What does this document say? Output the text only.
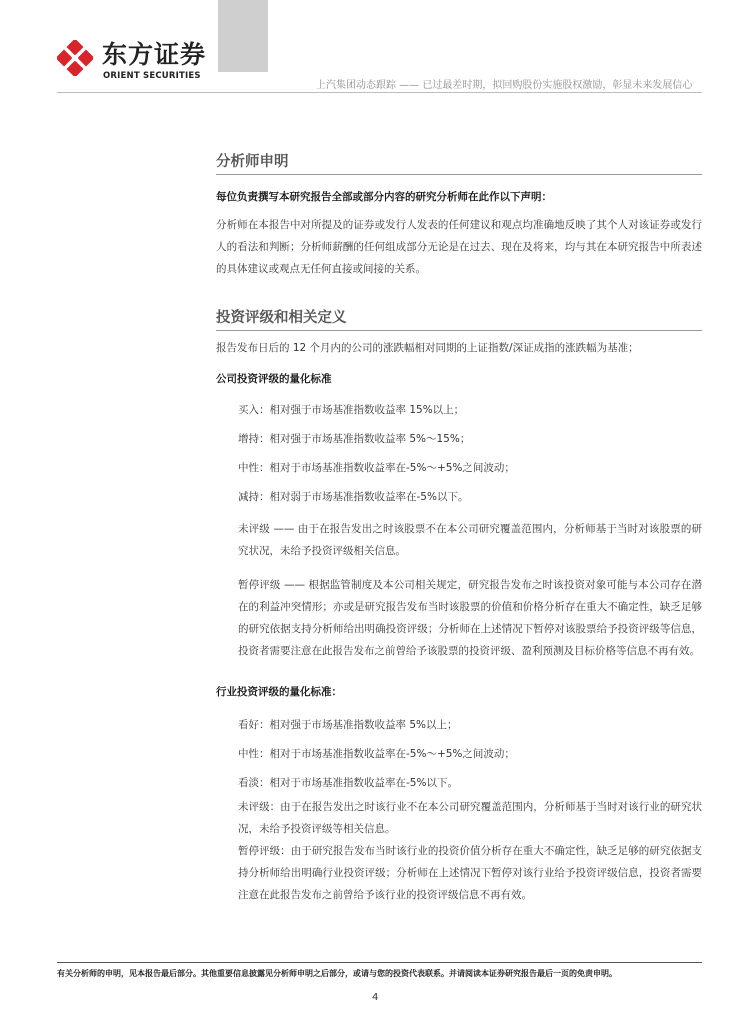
东方证券
ORIENT SECURITIES
上汽集团动态跟踪 —— 已过最差时期，拟回购股份实施股权激励，彰显未来发展信心
分析师申明

每位负责撰写本研究报告全部或部分内容的研究分析师在此作以下声明：

分析师在本报告中对所提及的证券或发行人发表的任何建议和观点均准确地反映了其个人对该证券或发行人的看法和判断；分析师薪酬的任何组成部分无论是在过去、现在及将来，均与其在本研究报告中所表述的具体建议或观点无任何直接或间接的关系。

投资评级和相关定义

报告发布日后的 12 个月内的公司的涨跌幅相对同期的上证指数/深证成指的涨跌幅为基准；

公司投资评级的量化标准

买入：相对强于市场基准指数收益率 15%以上；

增持：相对强于市场基准指数收益率 5%～15%；

中性：相对于市场基准指数收益率在-5%～+5%之间波动；

减持：相对弱于市场基准指数收益率在-5%以下。

未评级 —— 由于在报告发出之时该股票不在本公司研究覆盖范围内，分析师基于当时对该股票的研究状况，未给予投资评级相关信息。

暂停评级 —— 根据监管制度及本公司相关规定，研究报告发布之时该投资对象可能与本公司存在潜在的利益冲突情形；亦或是研究报告发布当时该股票的价值和价格分析存在重大不确定性，缺乏足够的研究依据支持分析师给出明确投资评级；分析师在上述情况下暂停对该股票给予投资评级等信息，投资者需要注意在此报告发布之前曾给予该股票的投资评级、盈利预测及目标价格等信息不再有效。

行业投资评级的量化标准：

看好：相对强于市场基准指数收益率 5%以上；

中性：相对于市场基准指数收益率在-5%～+5%之间波动；

看淡：相对于市场基准指数收益率在-5%以下。

未评级：由于在报告发出之时该行业不在本公司研究覆盖范围内，分析师基于当时对该行业的研究状况，未给予投资评级等相关信息。

暂停评级：由于研究报告发布当时该行业的投资价值分析存在重大不确定性，缺乏足够的研究依据支持分析师给出明确行业投资评级；分析师在上述情况下暂停对该行业给予投资评级信息，投资者需要注意在此报告发布之前曾给予该行业的投资评级信息不再有效。

有关分析师的申明，见本报告最后部分。其他重要信息披露见分析师申明之后部分，或请与您的投资代表联系。并请阅读本证券研究报告最后一页的免责申明。
4
